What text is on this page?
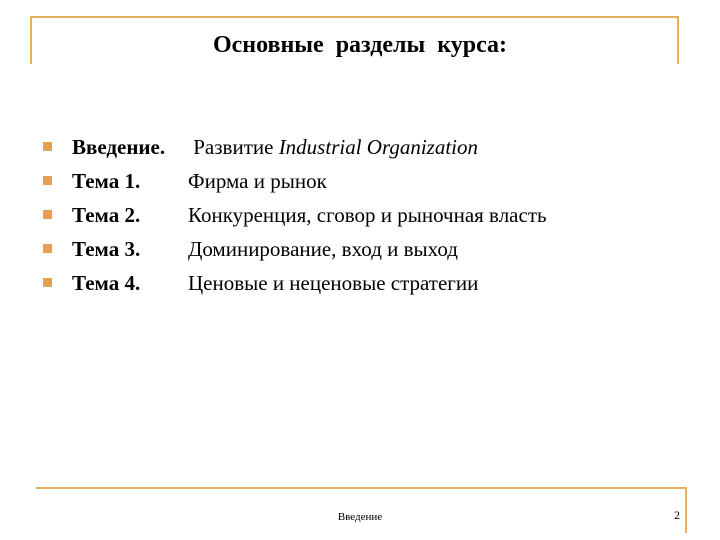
Основные  разделы  курса:
Введение. Развитие Industrial Organization
Тема 1. Фирма и рынок
Тема 2. Конкуренция, сговор и рыночная власть
Тема 3. Доминирование, вход и выход
Тема 4. Ценовые и неценовые стратегии
Введение	2
